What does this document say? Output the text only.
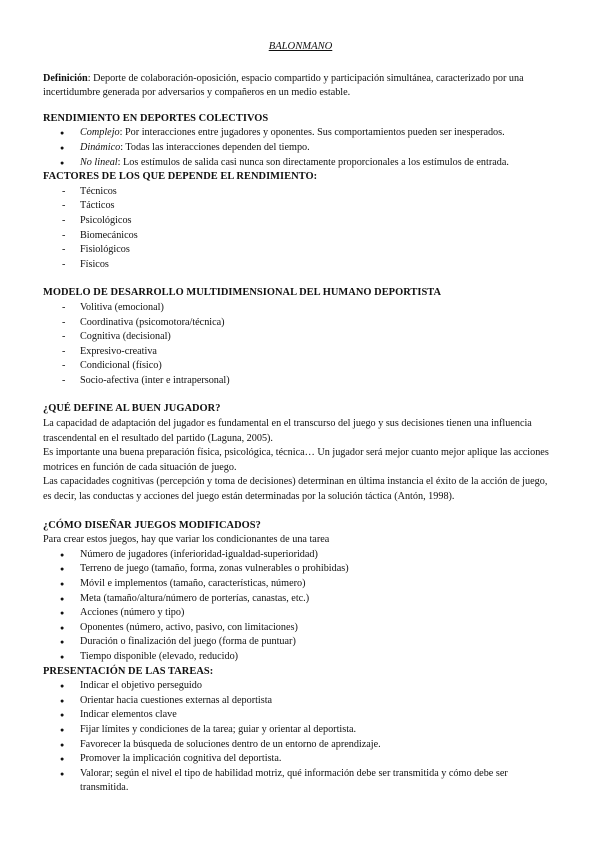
BALONMANO

Definición: Deporte de colaboración-oposición, espacio compartido y participación simultánea, caracterizado por una incertidumbre generada por adversarios y compañeros en un medio estable.

RENDIMIENTO EN DEPORTES COLECTIVOS

● Complejo: Por interacciones entre jugadores y oponentes. Sus comportamientos pueden ser inesperados.
● Dinámico: Todas las interacciones dependen del tiempo.
● No lineal: Los estímulos de salida casi nunca son directamente proporcionales a los estímulos de entrada.

FACTORES DE LOS QUE DEPENDE EL RENDIMIENTO:

- Técnicos
- Tácticos
- Psicológicos
- Biomecánicos
- Fisiológicos
- Físicos

MODELO DE DESARROLLO MULTIDIMENSIONAL DEL HUMANO DEPORTISTA

- Volitiva (emocional)
- Coordinativa (psicomotora/técnica)
- Cognitiva (decisional)
- Expresivo-creativa
- Condicional (físico)
- Socio-afectiva (inter e intrapersonal)

¿QUÉ DEFINE AL BUEN JUGADOR?

La capacidad de adaptación del jugador es fundamental en el transcurso del juego y sus decisiones tienen una influencia trascendental en el resultado del partido (Laguna, 2005).

Es importante una buena preparación física, psicológica, técnica… Un jugador será mejor cuanto mejor aplique las acciones motrices en función de cada situación de juego.

Las capacidades cognitivas (percepción y toma de decisiones) determinan en última instancia el éxito de la acción de juego, es decir, las conductas y acciones del juego están determinadas por la solución táctica (Antón, 1998).

¿CÓMO DISEÑAR JUEGOS MODIFICADOS?

Para crear estos juegos, hay que variar los condicionantes de una tarea

● Número de jugadores (inferioridad-igualdad-superioridad)
● Terreno de juego (tamaño, forma, zonas vulnerables o prohibidas)
● Móvil e implementos (tamaño, características, número)
● Meta (tamaño/altura/número de porterías, canastas, etc.)
● Acciones (número y tipo)
● Oponentes (número, activo, pasivo, con limitaciones)
● Duración o finalización del juego (forma de puntuar)
● Tiempo disponible (elevado, reducido)

PRESENTACIÓN DE LAS TAREAS:

● Indicar el objetivo perseguido
● Orientar hacia cuestiones externas al deportista
● Indicar elementos clave
● Fijar límites y condiciones de la tarea; guiar y orientar al deportista.
● Favorecer la búsqueda de soluciones dentro de un entorno de aprendizaje.
● Promover la implicación cognitiva del deportista.
● Valorar; según el nivel el tipo de habilidad motriz, qué información debe ser transmitida y cómo debe ser transmitida.
